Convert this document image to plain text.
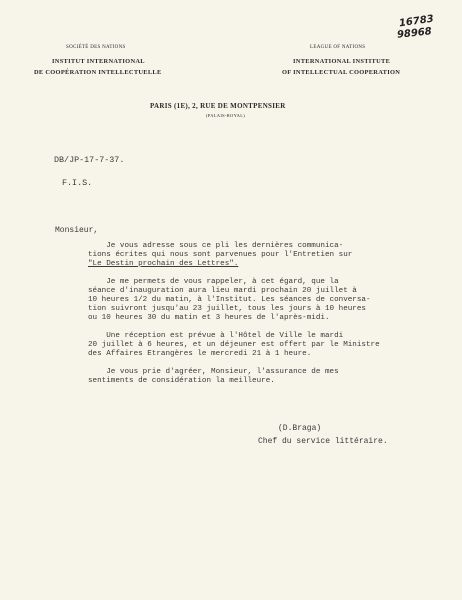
16783
98968
SOCIÉTÉ DES NATIONS
INSTITUT INTERNATIONAL
DE COOPÉRATION INTELLECTUELLE
LEAGUE OF NATIONS
INTERNATIONAL INSTITUTE
OF INTELLECTUAL COOPERATION
PARIS (1E), 2, RUE DE MONTPENSIER
(PALAIS-ROYAL)
DB/JP-17-7-37.
F.I.S.
Monsieur,
Je vous adresse sous ce pli les dernières communica-
tions écrites qui nous sont parvenues pour l'Entretien sur
"Le Destin prochain des Lettres".
Je me permets de vous rappeler, à cet égard, que la
séance d'inauguration aura lieu mardi prochain 20 juillet à
10 heures 1/2 du matin, à l'Institut. Les séances de conversa-
tion suivront jusqu'au 23 juillet, tous les jours à 10 heures
ou 10 heures 30 du matin et 3 heures de l'après-midi.
Une réception est prévue à l'Hôtel de Ville le mardi
20 juillet à 6 heures, et un déjeuner est offert par le Ministre
des Affaires Etrangères le mercredi 21 à 1 heure.
Je vous prie d'agréer, Monsieur, l'assurance de mes
sentiments de considération la meilleure.
(D.Braga)
Chef du service littéraire.
